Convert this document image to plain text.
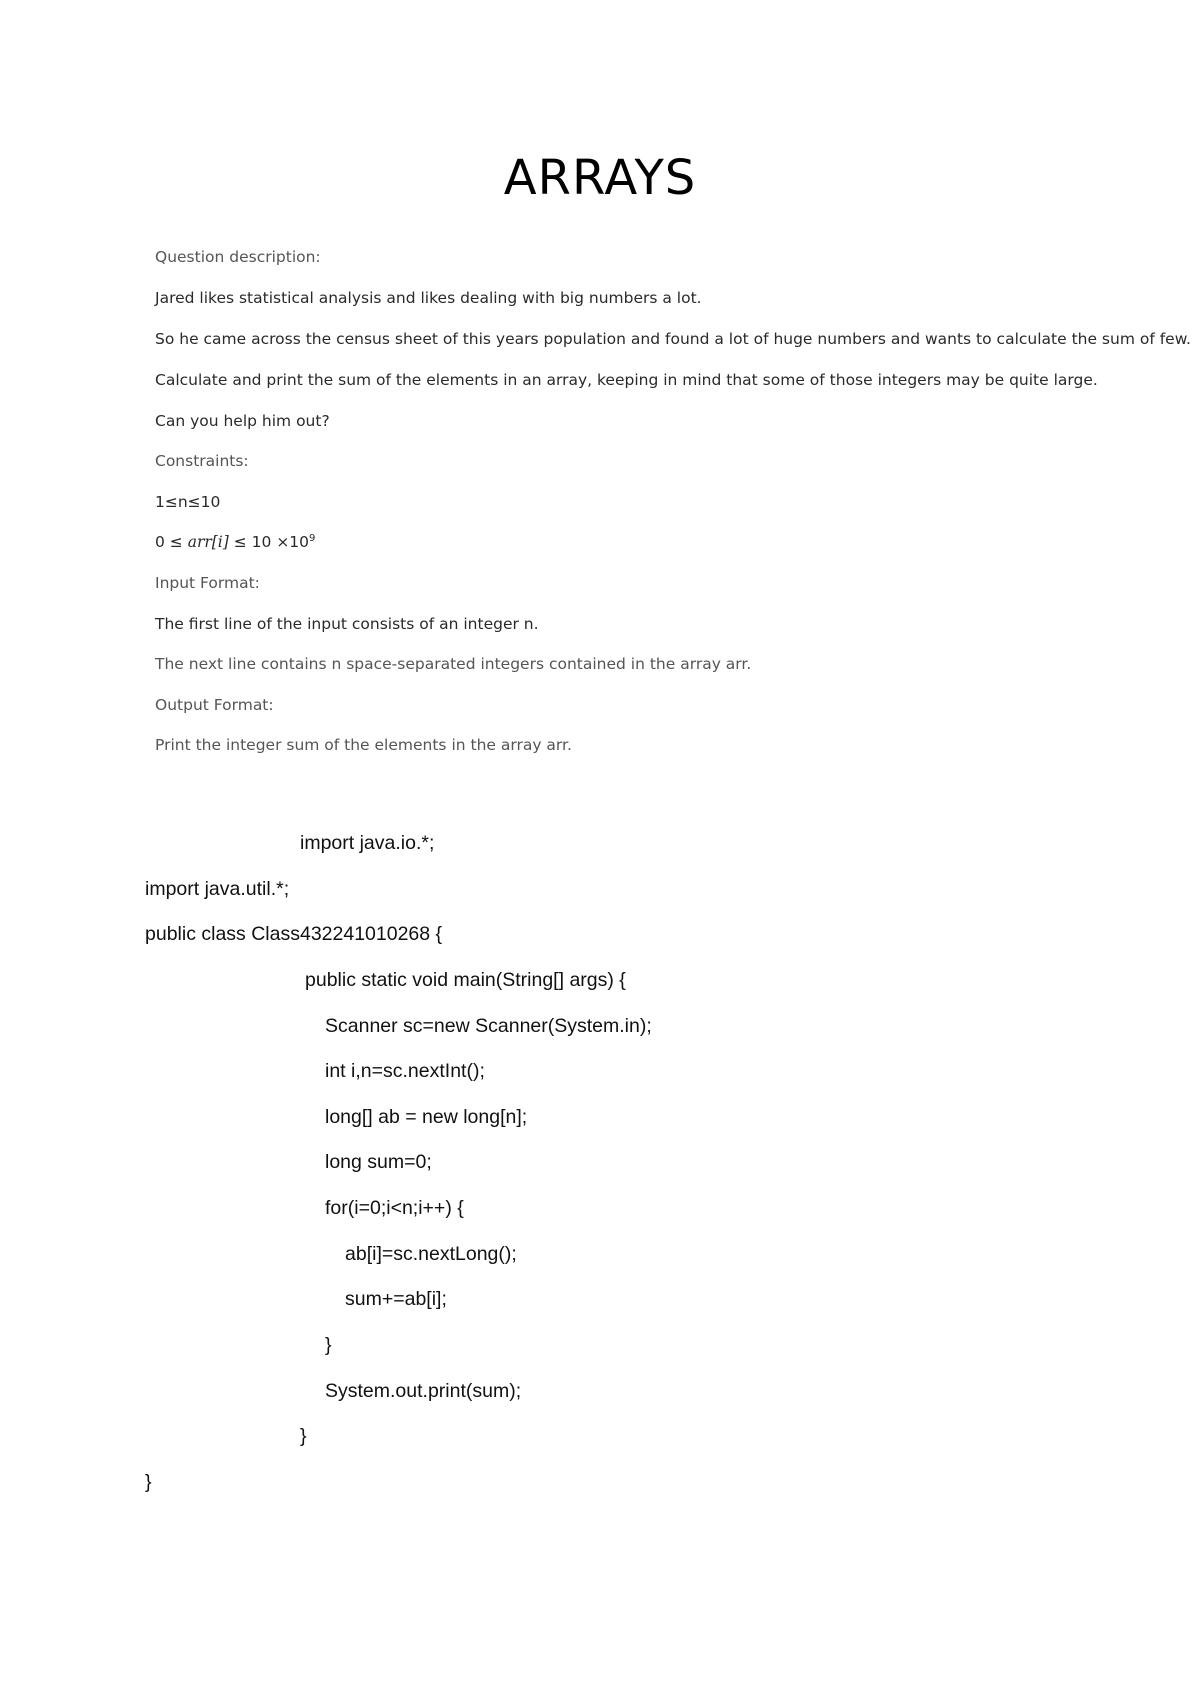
ARRAYS
Question description:
Jared likes statistical analysis and likes dealing with big numbers a lot.
So he came across the census sheet of this years population and found a lot of huge numbers and wants to calculate the sum of few.
Calculate and print the sum of the elements in an array, keeping in mind that some of those integers may be quite large.
Can you help him out?
Constraints:
1≤n≤10
$0 \le arr[i] \le 10 \times 10^9$
Input Format:
The first line of the input consists of an integer n.
The next line contains n space-separated integers contained in the array arr.
Output Format:
Print the integer sum of the elements in the array arr.
import java.io.*;
import java.util.*;
public class Class432241010268 {
public static void main(String[] args) {
Scanner sc=new Scanner(System.in);
int i,n=sc.nextInt();
long[] ab = new long[n];
long sum=0;
for(i=0;i<n;i++) {
ab[i]=sc.nextLong();
sum+=ab[i];
}
System.out.print(sum);
}
}
